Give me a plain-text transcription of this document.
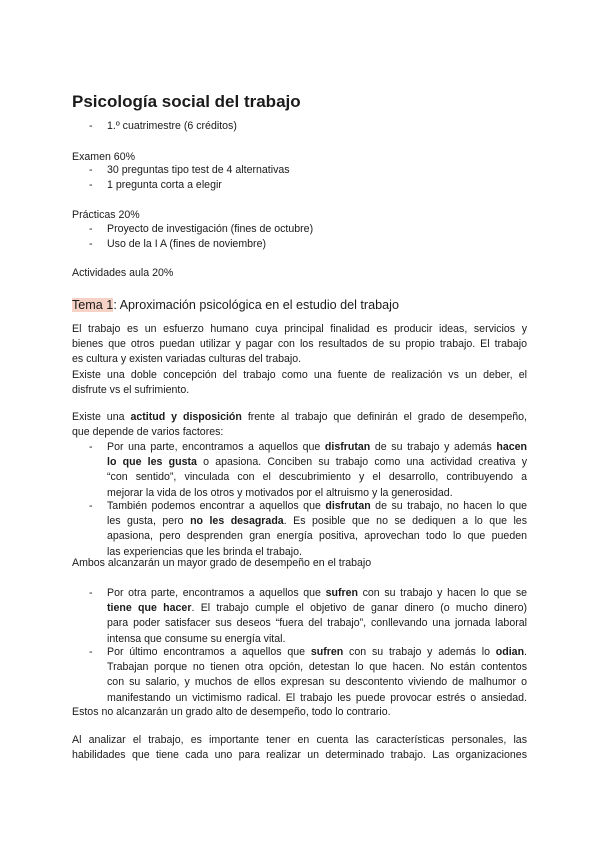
Psicología social del trabajo
- 1.º cuatrimestre (6 créditos)
Examen 60%
- 30 preguntas tipo test de 4 alternativas
- 1 pregunta corta a elegir
Prácticas 20%
- Proyecto de investigación (fines de octubre)
- Uso de la I A (fines de noviembre)
Actividades aula 20%
Tema 1: Aproximación psicológica en el estudio del trabajo
El trabajo es un esfuerzo humano cuya principal finalidad es producir ideas, servicios y
bienes que otros puedan utilizar y pagar con los resultados de su propio trabajo. El trabajo
es cultura y existen variadas culturas del trabajo.
Existe una doble concepción del trabajo como una fuente de realización vs un deber, el
disfrute vs el sufrimiento.
Existe una actitud y disposición frente al trabajo que definirán el grado de desempeño,
que depende de varios factores:
- Por una parte, encontramos a aquellos que disfrutan de su trabajo y además hacen
lo que les gusta o apasiona. Conciben su trabajo como una actividad creativa y
“con sentido”, vinculada con el descubrimiento y el desarrollo, contribuyendo a
mejorar la vida de los otros y motivados por el altruismo y la generosidad.
- También podemos encontrar a aquellos que disfrutan de su trabajo, no hacen lo que
les gusta, pero no les desagrada. Es posible que no se dediquen a lo que les
apasiona, pero desprenden gran energía positiva, aprovechan todo lo que pueden
las experiencias que les brinda el trabajo.
Ambos alcanzarán un mayor grado de desempeño en el trabajo
- Por otra parte, encontramos a aquellos que sufren con su trabajo y hacen lo que se
tiene que hacer. El trabajo cumple el objetivo de ganar dinero (o mucho dinero)
para poder satisfacer sus deseos “fuera del trabajo”, conllevando una jornada laboral
intensa que consume su energía vital.
- Por último encontramos a aquellos que sufren con su trabajo y además lo odian.
Trabajan porque no tienen otra opción, detestan lo que hacen. No están contentos
con su salario, y muchos de ellos expresan su descontento viviendo de malhumor o
manifestando un victimismo radical. El trabajo les puede provocar estrés o ansiedad.
Estos no alcanzarán un grado alto de desempeño, todo lo contrario.
Al analizar el trabajo, es importante tener en cuenta las características personales, las
habilidades que tiene cada uno para realizar un determinado trabajo. Las organizaciones
